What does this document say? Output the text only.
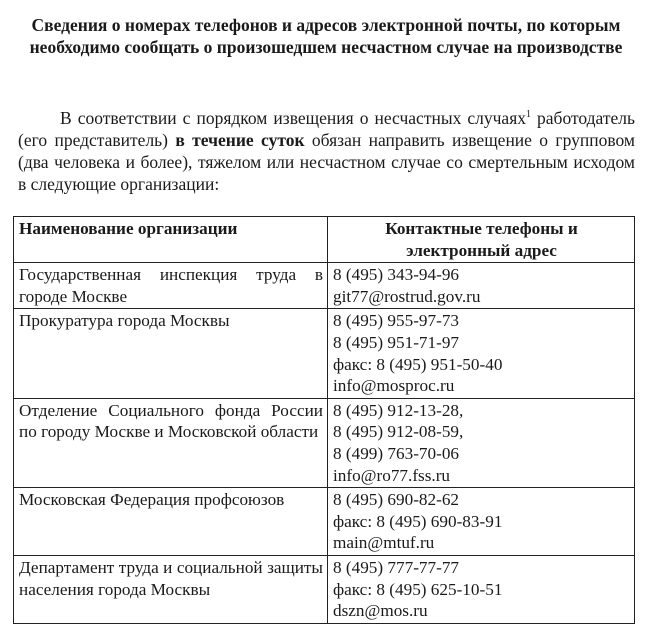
Сведения о номерах телефонов и адресов электронной почты, по которым необходимо сообщать о произошедшем несчастном случае на производстве

В соответствии с порядком извещения о несчастных случаях$^1$ работодатель (его представитель) в течение суток обязан направить извещение о групповом (два человека и более), тяжелом или несчастном случае со смертельным исходом в следующие организации:

Наименование организации	Контактные телефоны и электронный адрес
Государственная инспекция труда в городе Москве	8 (495) 343-94-96
git77@rostrud.gov.ru

Прокуратура города Москвы	8 (495) 955-97-73
8 (495) 951-71-97
факс: 8 (495) 951-50-40
info@mosproc.ru

Отделение Социального фонда России по городу Москве и Московской области	8 (495) 912-13-28,
8 (495) 912-08-59,
8 (499) 763-70-06
info@ro77.fss.ru

Московская Федерация профсоюзов	8 (495) 690-82-62
факс: 8 (495) 690-83-91
main@mtuf.ru

Департамент труда и социальной защиты населения города Москвы	8 (495) 777-77-77
факс: 8 (495) 625-10-51
dszn@mos.ru
